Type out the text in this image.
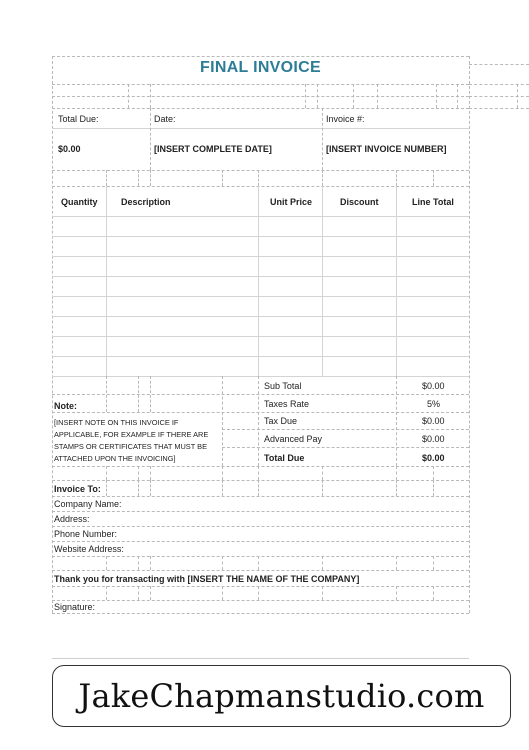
FINAL INVOICE
Total Due:	Date:	Invoice #:
$0.00	[INSERT COMPLETE DATE]	[INSERT INVOICE NUMBER]
Quantity	Description	Unit Price	Discount	Line Total
Sub Total	$0.00
Taxes Rate	5%
Tax Due	$0.00
Advanced Pay	$0.00
Total Due	$0.00
Note:
[INSERT NOTE ON THIS INVOICE IF APPLICABLE, FOR EXAMPLE IF THERE ARE STAMPS OR CERTIFICATES THAT MUST BE ATTACHED UPON THE INVOICING]
Invoice To:
Company Name:
Address:
Phone Number:
Website Address:
Thank you for transacting with [INSERT THE NAME OF THE COMPANY]
Signature:
JakeChapmanstudio.com
